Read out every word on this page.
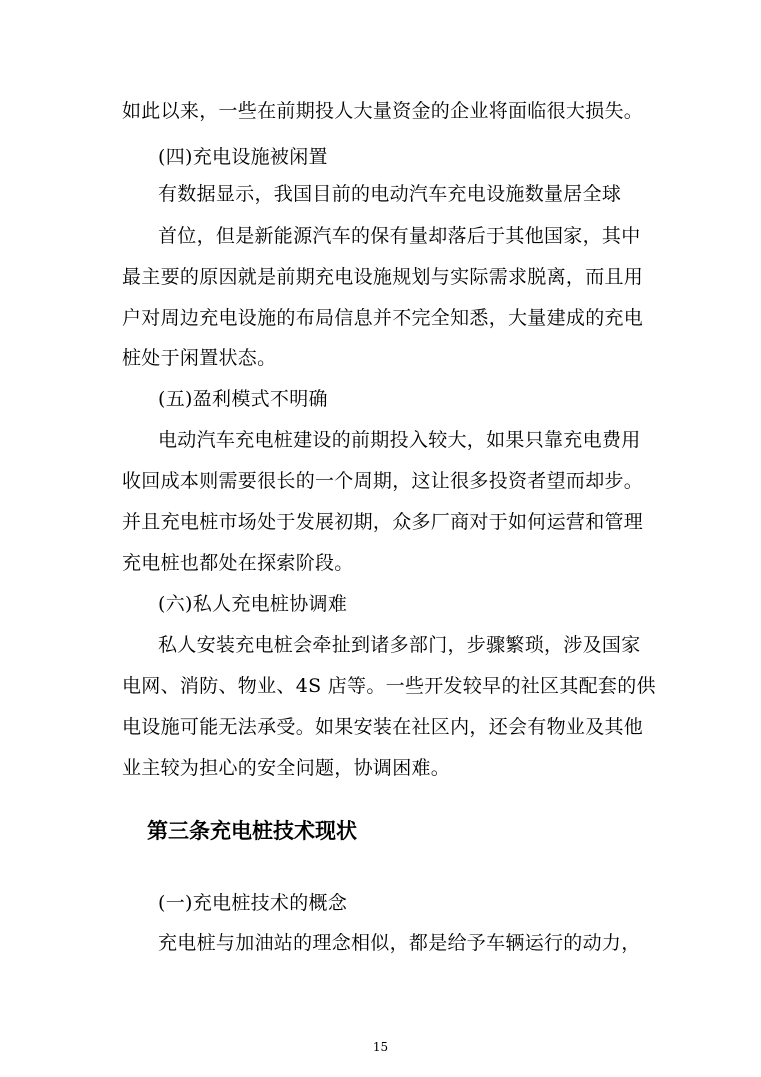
如此以来，一些在前期投人大量资金的企业将面临很大损失。
(四)充电设施被闲置
有数据显示，我国目前的电动汽车充电设施数量居全球
首位，但是新能源汽车的保有量却落后于其他国家，其中
最主要的原因就是前期充电设施规划与实际需求脱离，而且用
户对周边充电设施的布局信息并不完全知悉，大量建成的充电
桩处于闲置状态。
(五)盈利模式不明确
电动汽车充电桩建设的前期投入较大，如果只靠充电费用
收回成本则需要很长的一个周期，这让很多投资者望而却步。
并且充电桩市场处于发展初期，众多厂商对于如何运营和管理
充电桩也都处在探索阶段。
(六)私人充电桩协调难
私人安装充电桩会牵扯到诸多部门，步骤繁琐，涉及国家
电网、消防、物业、4S 店等。一些开发较早的社区其配套的供
电设施可能无法承受。如果安装在社区内，还会有物业及其他
业主较为担心的安全问题，协调困难。
第三条充电桩技术现状
(一)充电桩技术的概念
充电桩与加油站的理念相似，都是给予车辆运行的动力，
15
